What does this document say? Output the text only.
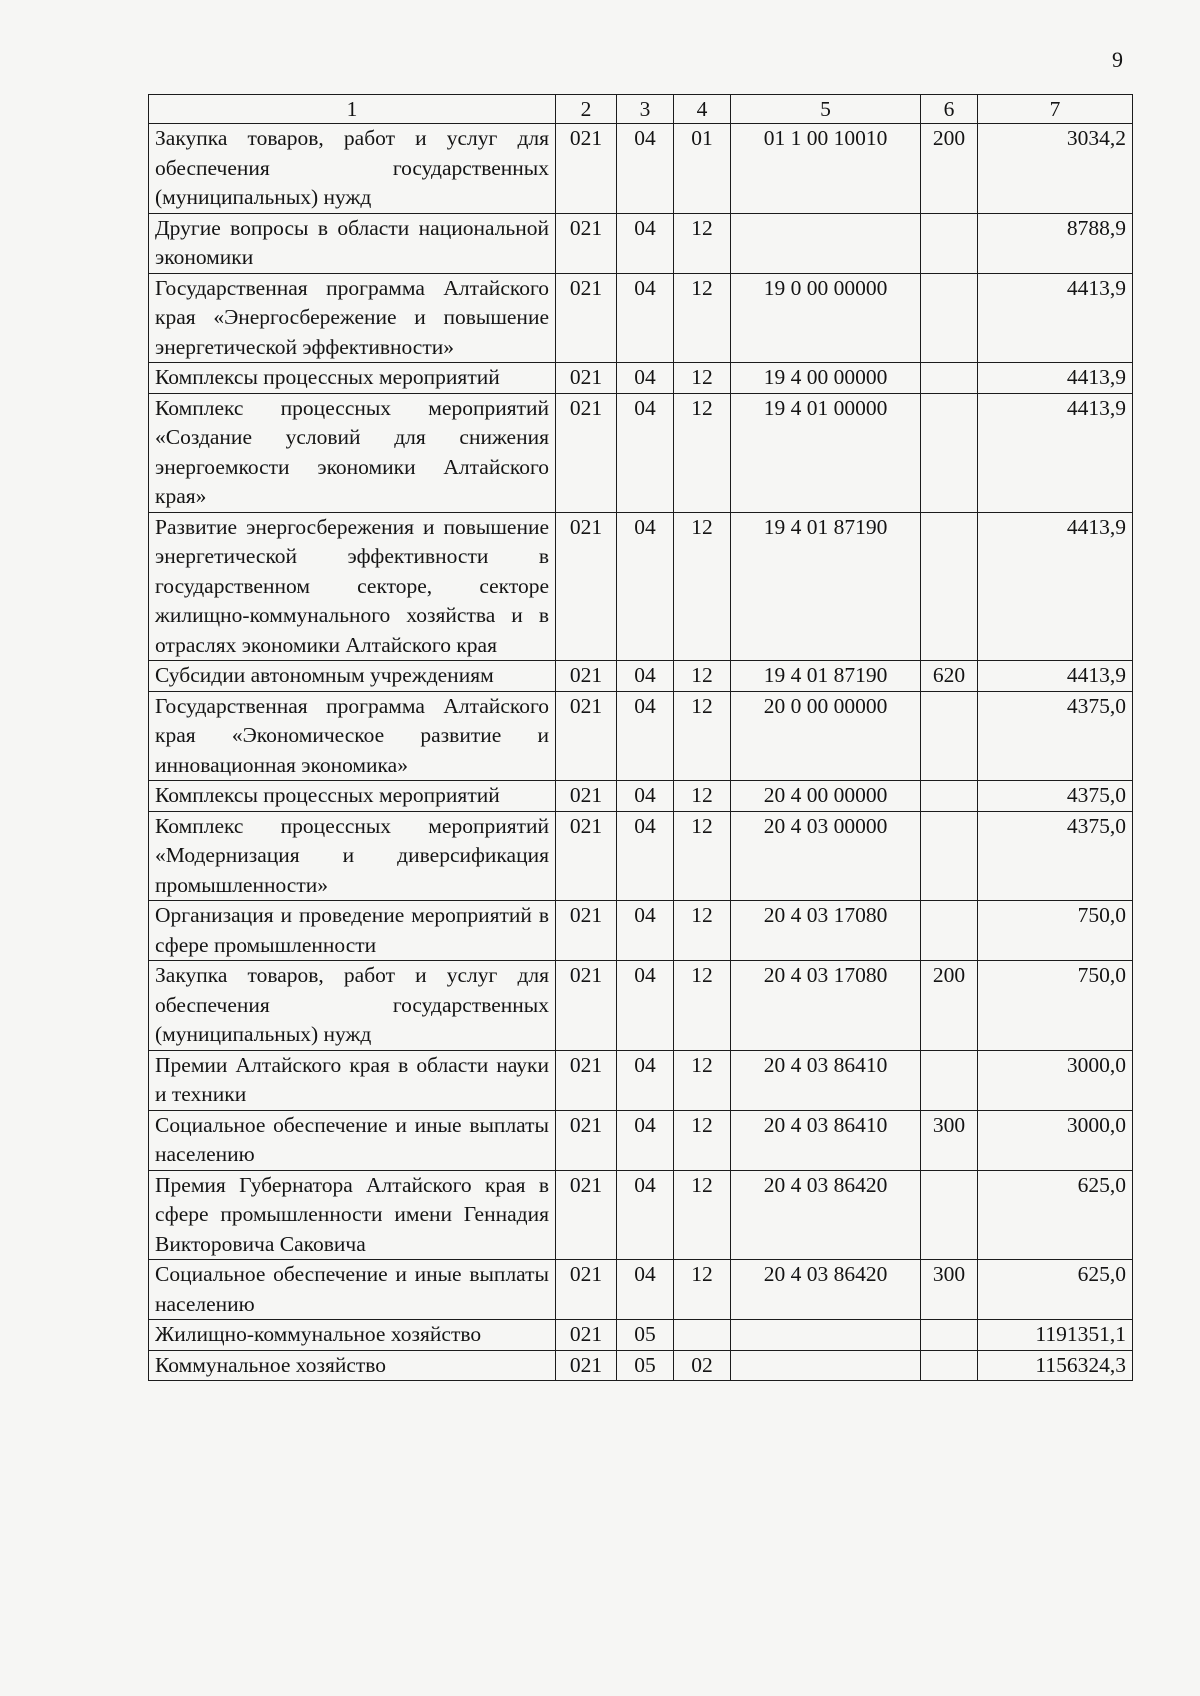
9
1	2	3	4	5	6	7
Закупка товаров, работ и услуг для обеспечения государственных (муниципальных) нужд	021	04	01	01 1 00 10010	200	3034,2
Другие вопросы в области национальной экономики	021	04	12			8788,9
Государственная программа Алтайского края «Энергосбережение и повышение энергетической эффективности»	021	04	12	19 0 00 00000		4413,9
Комплексы процессных мероприятий	021	04	12	19 4 00 00000		4413,9
Комплекс процессных мероприятий «Создание условий для снижения энергоемкости экономики Алтайского края»	021	04	12	19 4 01 00000		4413,9
Развитие энергосбережения и повышение энергетической эффективности в государственном секторе, секторе жилищно-коммунального хозяйства и в отраслях экономики Алтайского края	021	04	12	19 4 01 87190		4413,9
Субсидии автономным учреждениям	021	04	12	19 4 01 87190	620	4413,9
Государственная программа Алтайского края «Экономическое развитие и инновационная экономика»	021	04	12	20 0 00 00000		4375,0
Комплексы процессных мероприятий	021	04	12	20 4 00 00000		4375,0
Комплекс процессных мероприятий «Модернизация и диверсификация промышленности»	021	04	12	20 4 03 00000		4375,0
Организация и проведение мероприятий в сфере промышленности	021	04	12	20 4 03 17080		750,0
Закупка товаров, работ и услуг для обеспечения государственных (муниципальных) нужд	021	04	12	20 4 03 17080	200	750,0
Премии Алтайского края в области науки и техники	021	04	12	20 4 03 86410		3000,0
Социальное обеспечение и иные выплаты населению	021	04	12	20 4 03 86410	300	3000,0
Премия Губернатора Алтайского края в сфере промышленности имени Геннадия Викторовича Саковича	021	04	12	20 4 03 86420		625,0
Социальное обеспечение и иные выплаты населению	021	04	12	20 4 03 86420	300	625,0
Жилищно-коммунальное хозяйство	021	05				1191351,1
Коммунальное хозяйство	021	05	02			1156324,3
